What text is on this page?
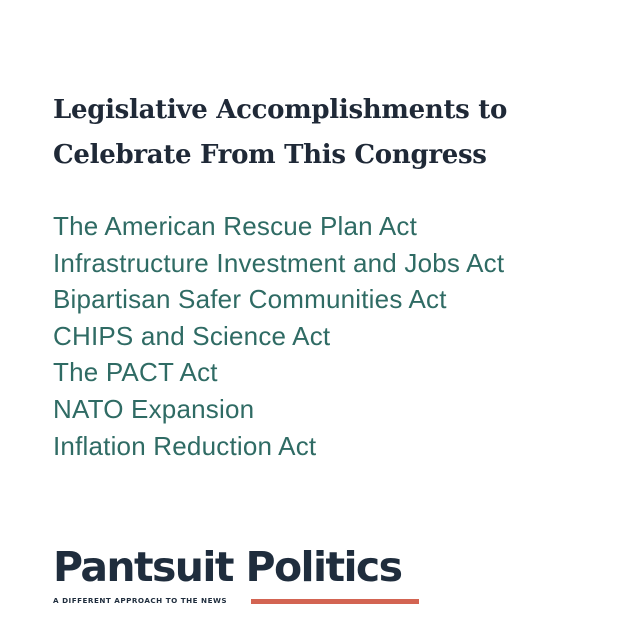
Legislative Accomplishments to
Celebrate From This Congress
The American Rescue Plan Act
Infrastructure Investment and Jobs Act
Bipartisan Safer Communities Act
CHIPS and Science Act
The PACT Act
NATO Expansion
Inflation Reduction Act
Pantsuit Politics
A DIFFERENT APPROACH TO THE NEWS
